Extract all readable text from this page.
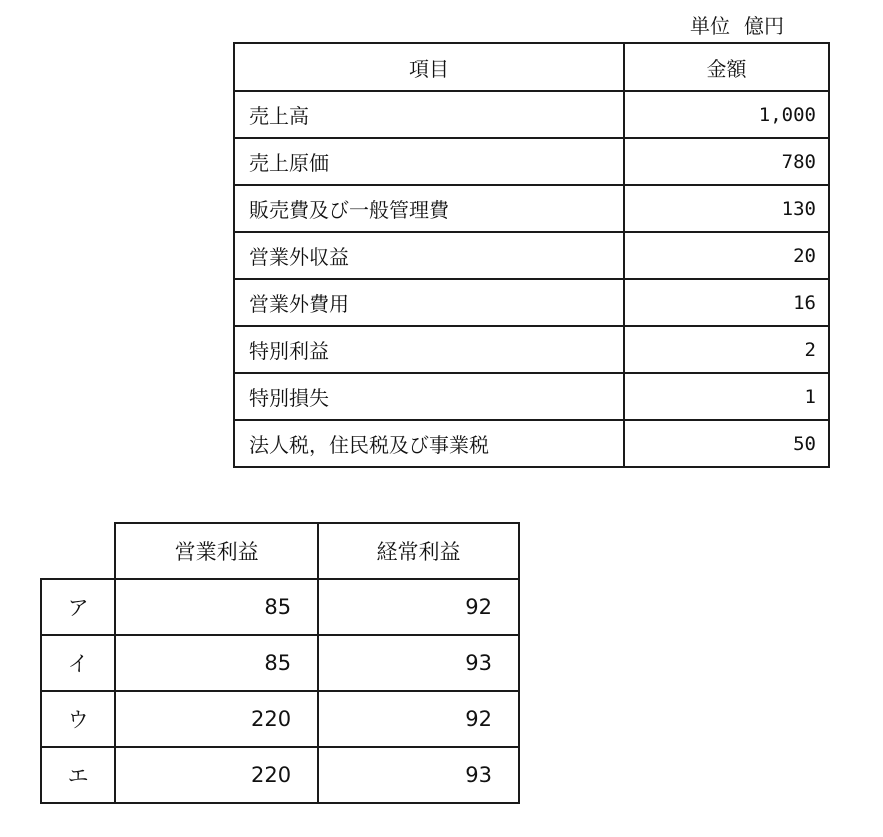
単位 億円
項目	金額
売上高	1,000
売上原価	780
販売費及び一般管理費	130
営業外収益	20
営業外費用	16
特別利益	2
特別損失	1
法人税，住民税及び事業税	50
	営業利益	経常利益
ア	85	92
イ	85	93
ウ	220	92
エ	220	93
